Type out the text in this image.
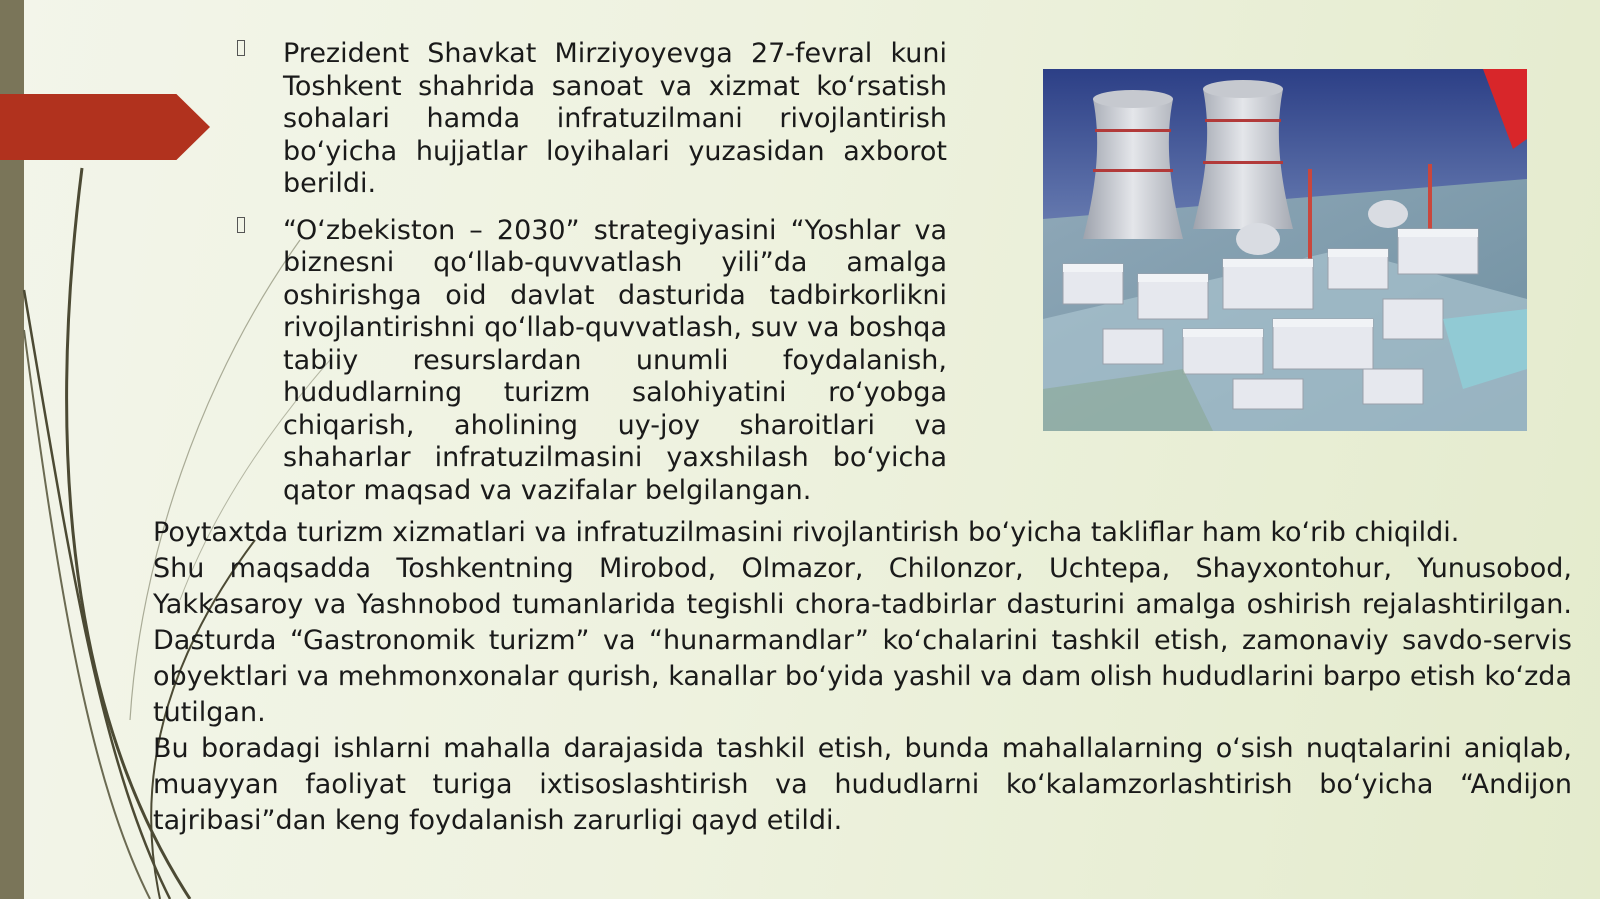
Prezident Shavkat Mirziyoyevga 27-fevral kuni Toshkent shahrida sanoat va xizmat ko‘rsatish sohalari hamda infratuzilmani rivojlantirish bo‘yicha hujjatlar loyihalari yuzasidan axborot berildi.
“O‘zbekiston – 2030” strategiyasini “Yoshlar va biznesni qo‘llab-quvvatlash yili”da amalga oshirishga oid davlat dasturida tadbirkorlikni rivojlantirishni qo‘llab-quvvatlash, suv va boshqa tabiiy resurslardan unumli foydalanish, hududlarning turizm salohiyatini ro‘yobga chiqarish, aholining uy-joy sharoitlari va shaharlar infratuzilmasini yaxshilash bo‘yicha qator maqsad va vazifalar belgilangan.

Poytaxtda turizm xizmatlari va infratuzilmasini rivojlantirish bo‘yicha takliflar ham ko‘rib chiqildi.

Shu maqsadda Toshkentning Mirobod, Olmazor, Chilonzor, Uchtepa, Shayxontohur, Yunusobod, Yakkasaroy va Yashnobod tumanlarida tegishli chora-tadbirlar dasturini amalga oshirish rejalashtirilgan. Dasturda “Gastronomik turizm” va “hunarmandlar” ko‘chalarini tashkil etish, zamonaviy savdo-servis obyektlari va mehmonxonalar qurish, kanallar bo‘yida yashil va dam olish hududlarini barpo etish ko‘zda tutilgan.

Bu boradagi ishlarni mahalla darajasida tashkil etish, bunda mahallalarning o‘sish nuqtalarini aniqlab, muayyan faoliyat turiga ixtisoslashtirish va hududlarni ko‘kalamzorlashtirish bo‘yicha “Andijon tajribasi”dan keng foydalanish zarurligi qayd etildi.
